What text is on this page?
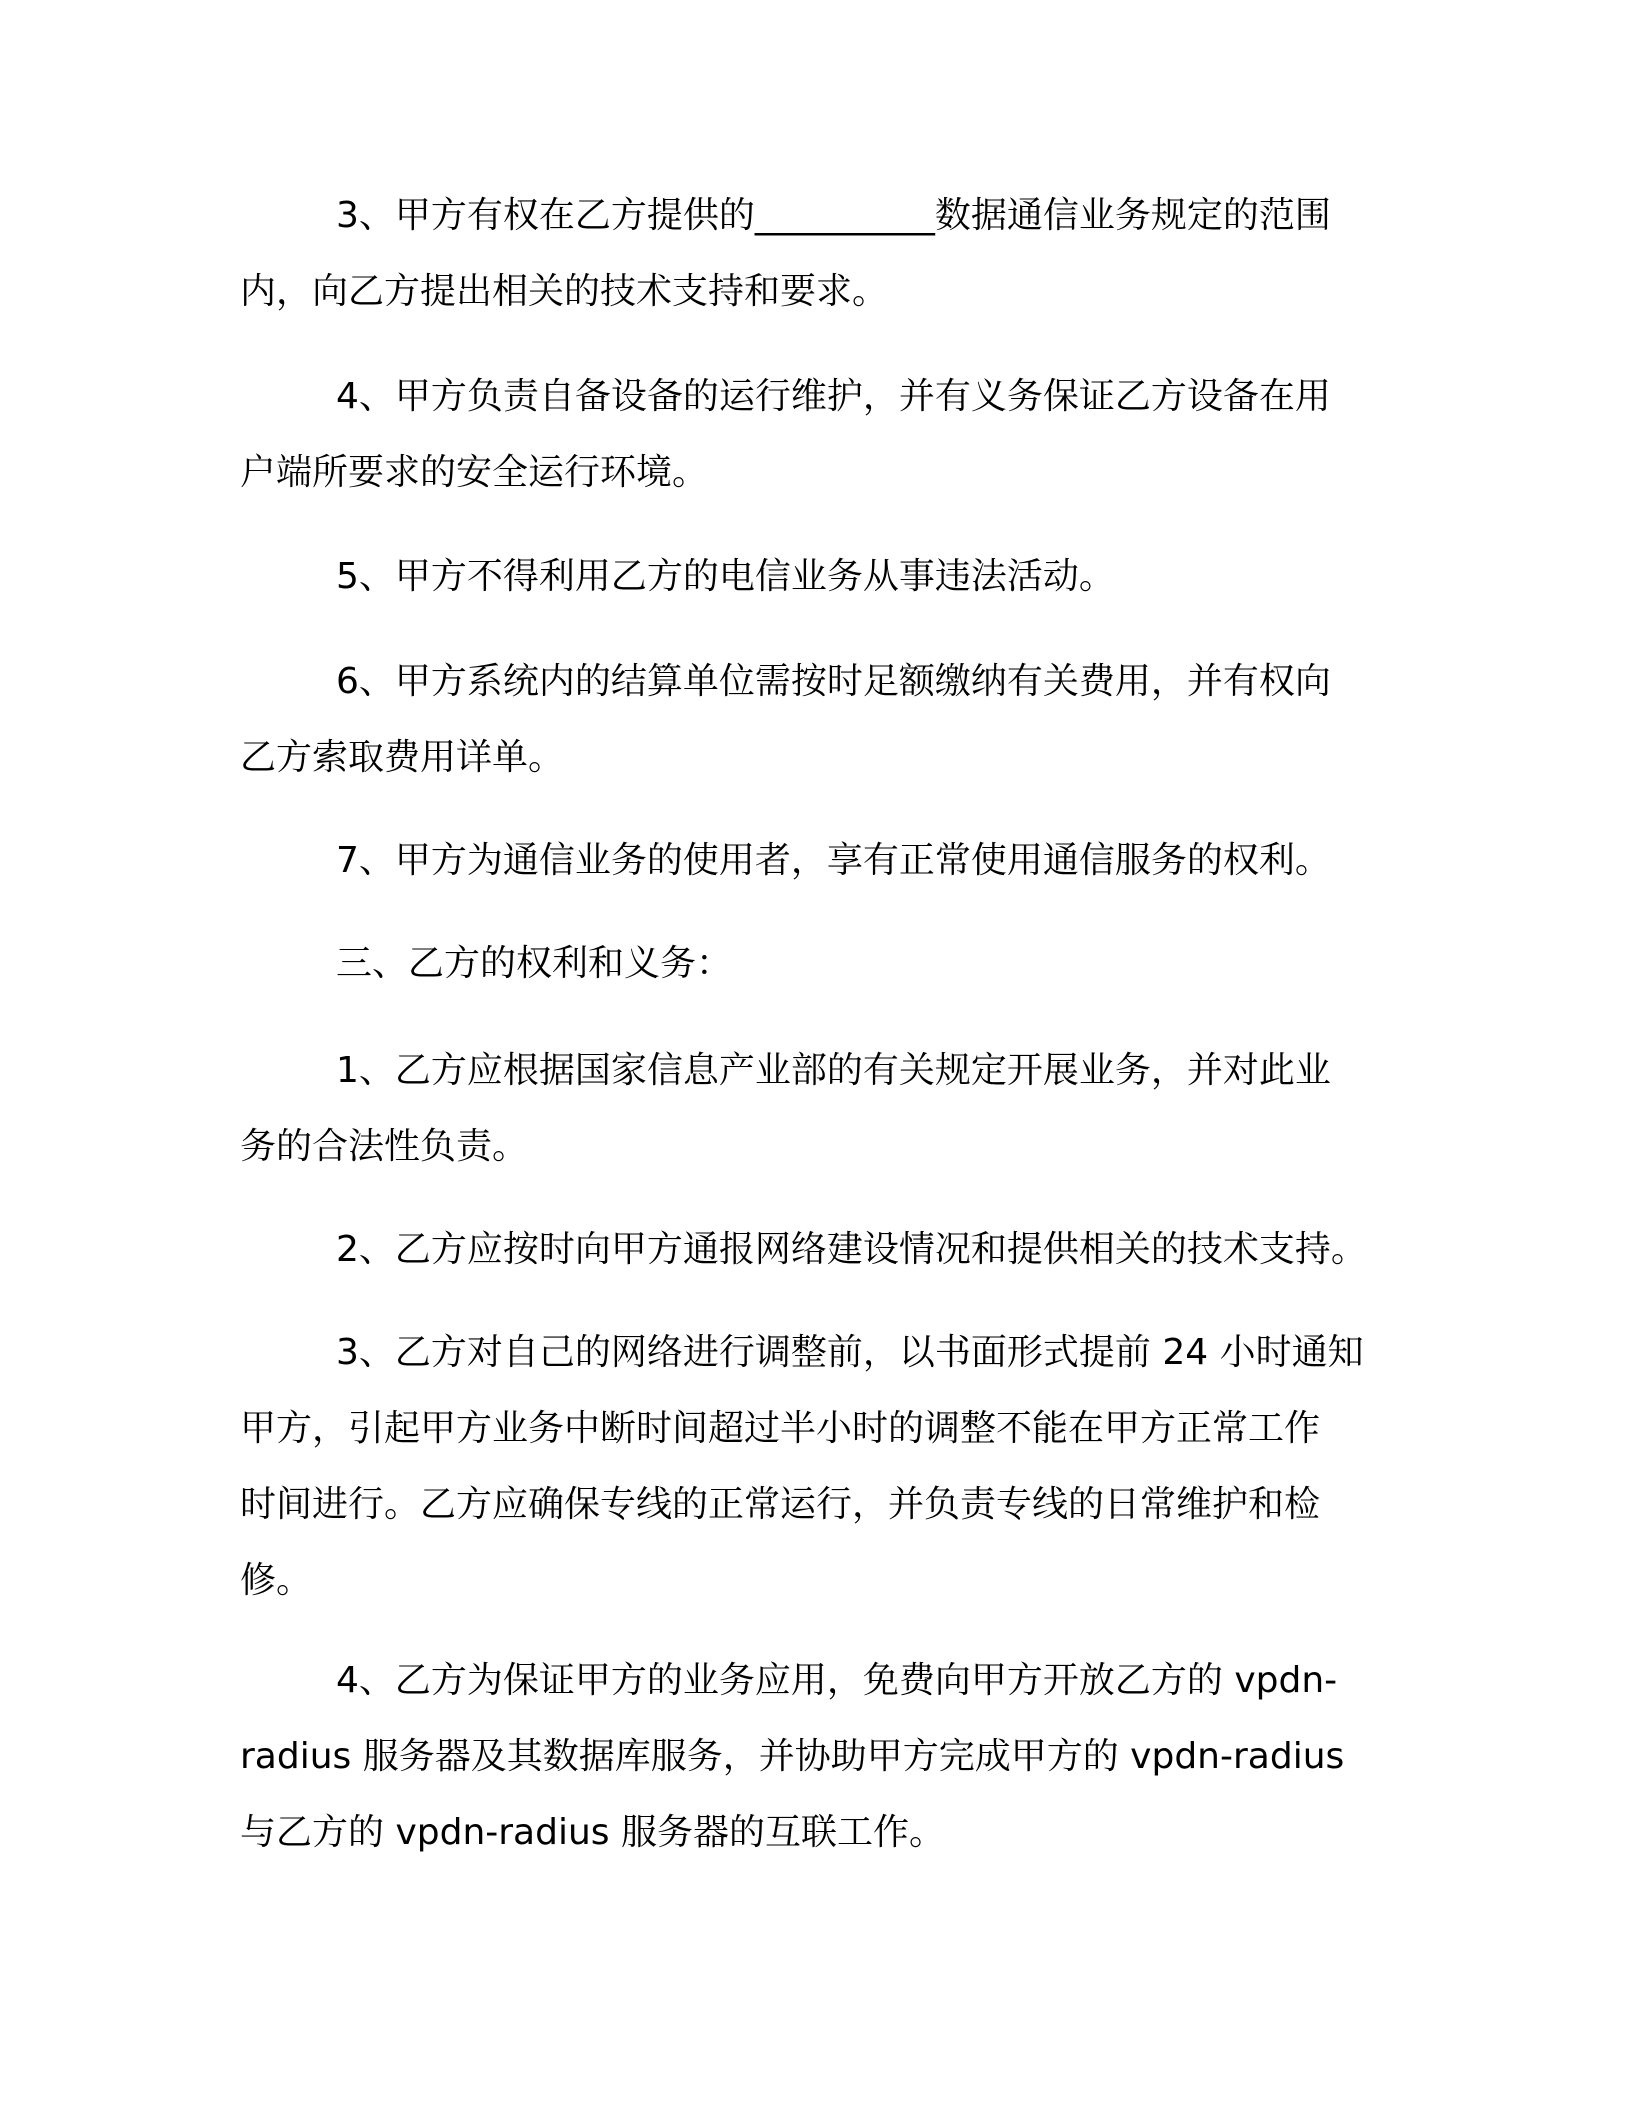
3、甲方有权在乙方提供的__________数据通信业务规定的范围
内，向乙方提出相关的技术支持和要求。
4、甲方负责自备设备的运行维护，并有义务保证乙方设备在用
户端所要求的安全运行环境。
5、甲方不得利用乙方的电信业务从事违法活动。
6、甲方系统内的结算单位需按时足额缴纳有关费用，并有权向
乙方索取费用详单。
7、甲方为通信业务的使用者，享有正常使用通信服务的权利。
三、乙方的权利和义务：
1、乙方应根据国家信息产业部的有关规定开展业务，并对此业
务的合法性负责。
2、乙方应按时向甲方通报网络建设情况和提供相关的技术支持。
3、乙方对自己的网络进行调整前，以书面形式提前 24 小时通知
甲方，引起甲方业务中断时间超过半小时的调整不能在甲方正常工作
时间进行。乙方应确保专线的正常运行，并负责专线的日常维护和检
修。
4、乙方为保证甲方的业务应用，免费向甲方开放乙方的 vpdn-
radius 服务器及其数据库服务，并协助甲方完成甲方的 vpdn-radius
与乙方的 vpdn-radius 服务器的互联工作。
